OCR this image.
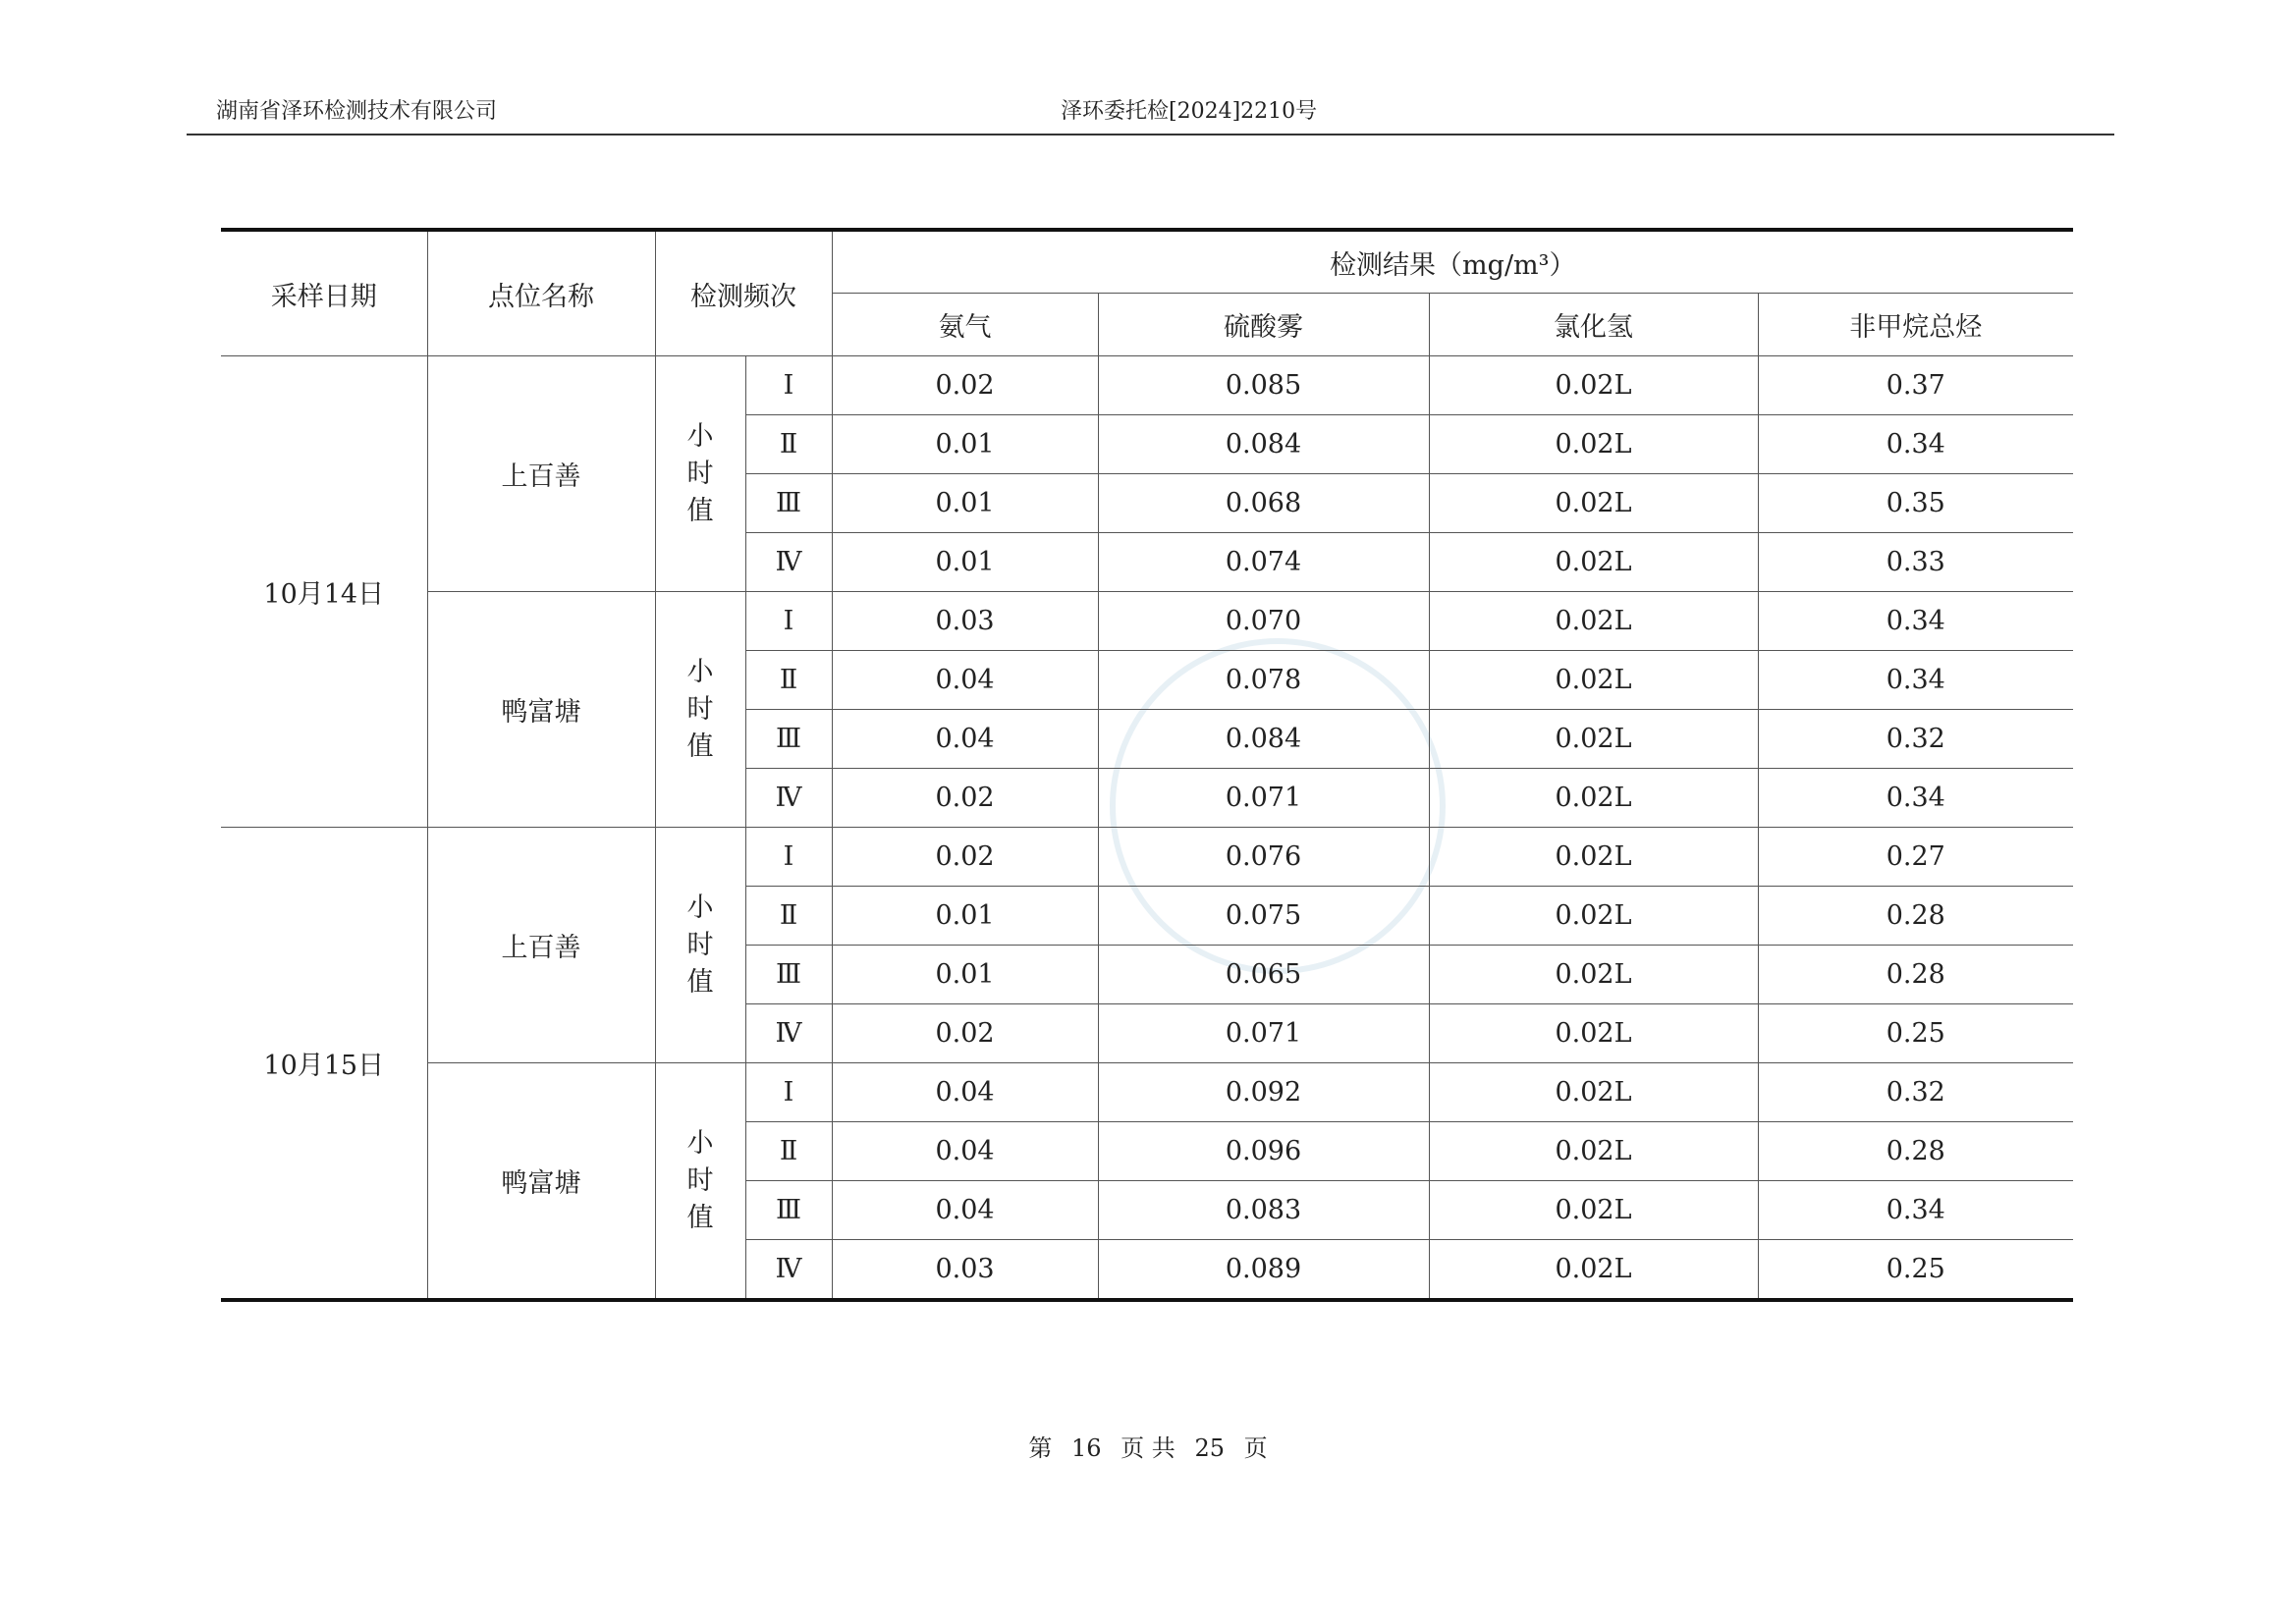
湖南省泽环检测技术有限公司	泽环委托检[2024]2210号
采样日期	点位名称	检测频次		检测结果（mg/m³）			
				氨气	硫酸雾	氯化氢	非甲烷总烃
10月14日	上百善	小时值	Ⅰ	0.02	0.085	0.02L	0.37
			Ⅱ	0.01	0.084	0.02L	0.34
			Ⅲ	0.01	0.068	0.02L	0.35
			Ⅳ	0.01	0.074	0.02L	0.33
	鸭富塘	小时值	Ⅰ	0.03	0.070	0.02L	0.34
			Ⅱ	0.04	0.078	0.02L	0.34
			Ⅲ	0.04	0.084	0.02L	0.32
			Ⅳ	0.02	0.071	0.02L	0.34
10月15日	上百善	小时值	Ⅰ	0.02	0.076	0.02L	0.27
			Ⅱ	0.01	0.075	0.02L	0.28
			Ⅲ	0.01	0.065	0.02L	0.28
			Ⅳ	0.02	0.071	0.02L	0.25
	鸭富塘	小时值	Ⅰ	0.04	0.092	0.02L	0.32
			Ⅱ	0.04	0.096	0.02L	0.28
			Ⅲ	0.04	0.083	0.02L	0.34
			Ⅳ	0.03	0.089	0.02L	0.25
第 16 页 共 25 页
